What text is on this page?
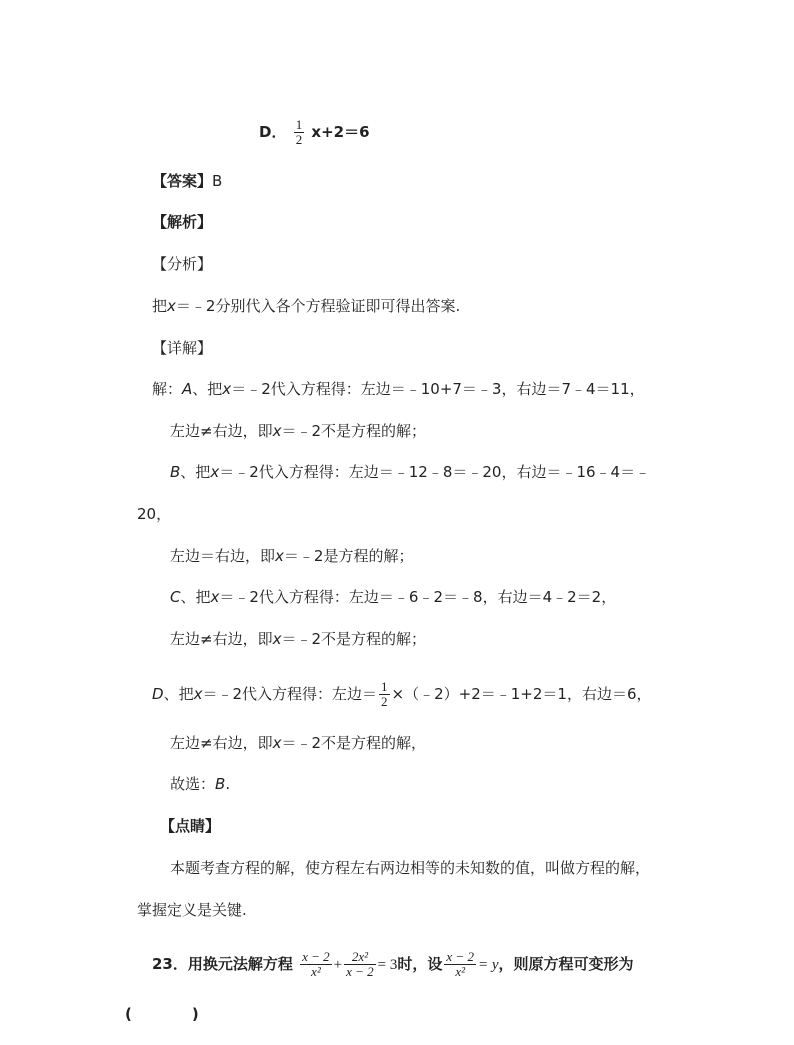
D． $\frac{1}{2} x+2=6$
【答案】B
【解析】
【分析】
把x＝﹣2分别代入各个方程验证即可得出答案.
【详解】
解：A、把x＝﹣2代入方程得：左边＝﹣10+7＝﹣3，右边＝7﹣4＝11，
左边≠右边，即x＝﹣2不是方程的解；
B、把x＝﹣2代入方程得：左边＝﹣12﹣8＝﹣20，右边＝﹣16﹣4＝﹣
20，
左边＝右边，即x＝﹣2是方程的解；
C、把x＝﹣2代入方程得：左边＝﹣6﹣2＝﹣8，右边＝4﹣2＝2，
左边≠右边，即x＝﹣2不是方程的解；
D、把x＝﹣2代入方程得：左边＝ $\frac{1}{2}$ ×（﹣2）+2＝﹣1+2＝1，右边＝6，
左边≠右边，即x＝﹣2不是方程的解，
故选：B.
【点睛】
本题考查方程的解，使方程左右两边相等的未知数的值，叫做方程的解，
掌握定义是关键.
23．用换元法解方程 $\frac{x - 2}{\text{x²}} + \frac{\text{2x²}}{x - 2} = 3$时，设 $\frac{x - 2}{\text{x²}} = y$，则原方程可变形为
(　　　　)
